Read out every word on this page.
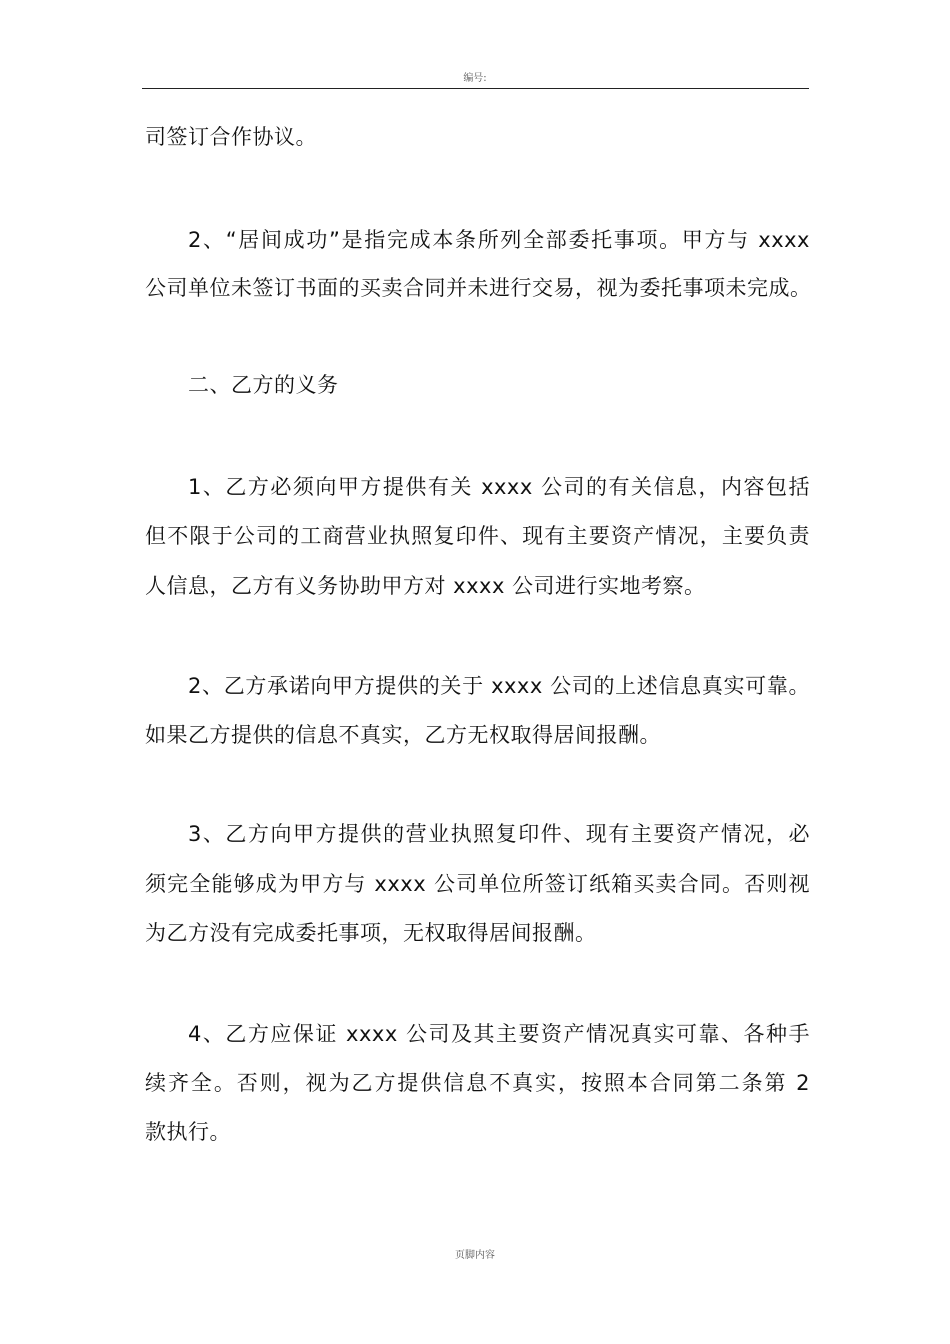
编号:
司签订合作协议。
2、“居间成功”是指完成本条所列全部委托事项。甲方与 xxxx
公司单位未签订书面的买卖合同并未进行交易，视为委托事项未完成。
二、乙方的义务
1、乙方必须向甲方提供有关 xxxx 公司的有关信息，内容包括
但不限于公司的工商营业执照复印件、现有主要资产情况，主要负责
人信息，乙方有义务协助甲方对 xxxx 公司进行实地考察。
2、乙方承诺向甲方提供的关于 xxxx 公司的上述信息真实可靠。
如果乙方提供的信息不真实，乙方无权取得居间报酬。
3、乙方向甲方提供的营业执照复印件、现有主要资产情况，必
须完全能够成为甲方与 xxxx 公司单位所签订纸箱买卖合同。否则视
为乙方没有完成委托事项，无权取得居间报酬。
4、乙方应保证 xxxx 公司及其主要资产情况真实可靠、各种手
续齐全。否则，视为乙方提供信息不真实，按照本合同第二条第 2
款执行。
页脚内容
